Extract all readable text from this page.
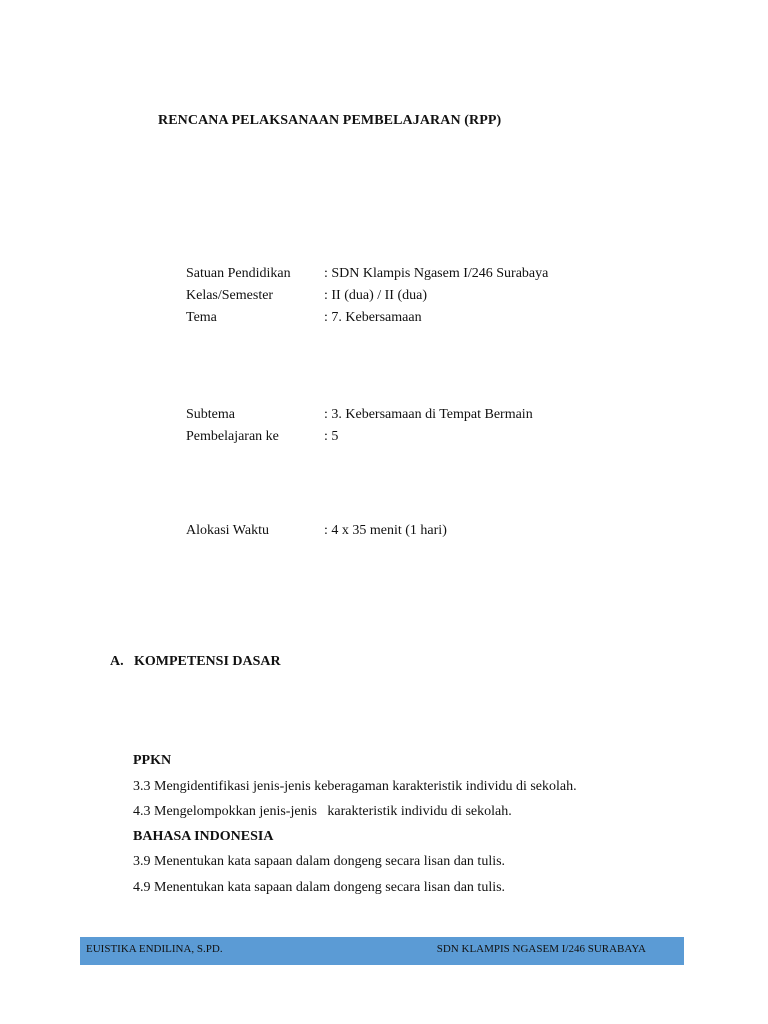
RENCANA PELAKSANAAN PEMBELAJARAN (RPP)
Satuan Pendidikan : SDN Klampis Ngasem I/246 Surabaya
Kelas/Semester	: II (dua) / II (dua)
Tema	: 7. Kebersamaan
Subtema	: 3. Kebersamaan di Tempat Bermain
Pembelajaran ke	: 5
Alokasi Waktu	: 4 x 35 menit (1 hari)
A. KOMPETENSI DASAR
PPKN
3.3 Mengidentifikasi jenis-jenis keberagaman karakteristik individu di sekolah.
4.3 Mengelompokkan jenis-jenis   karakteristik individu di sekolah.
BAHASA INDONESIA
3.9 Menentukan kata sapaan dalam dongeng secara lisan dan tulis.
4.9 Menentukan kata sapaan dalam dongeng secara lisan dan tulis.
EUISTIKA ENDILINA, S.PD.	SDN KLAMPIS NGASEM I/246 SURABAYA
